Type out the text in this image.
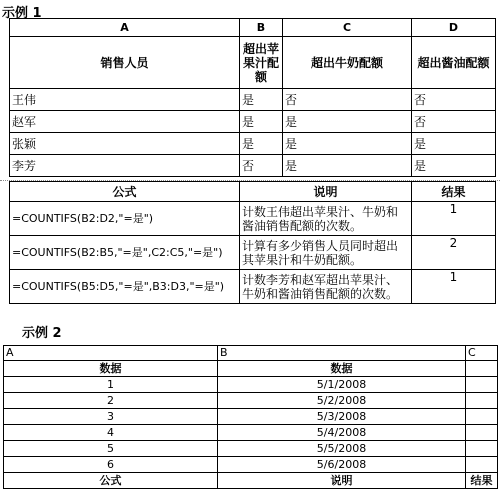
示例 1
A	B	C	D
销售人员	超出苹果汁配额	超出牛奶配额	超出酱油配额
王伟	是	否	否
赵军	是	是	否
张颖	是	是	是
李芳	否	是	是
公式	说明	结果
=COUNTIFS(B2:D2,"=是")	计数王伟超出苹果汁、牛奶和酱油销售配额的次数。	1
=COUNTIFS(B2:B5,"=是",C2:C5,"=是")	计算有多少销售人员同时超出其苹果汁和牛奶配额。	2
=COUNTIFS(B5:D5,"=是",B3:D3,"=是")	计数李芳和赵军超出苹果汁、牛奶和酱油销售配额的次数。	1
示例 2
A	B	C
数据	数据	
1	5/1/2008	
2	5/2/2008	
3	5/3/2008	
4	5/4/2008	
5	5/5/2008	
6	5/6/2008	
公式	说明	结果
